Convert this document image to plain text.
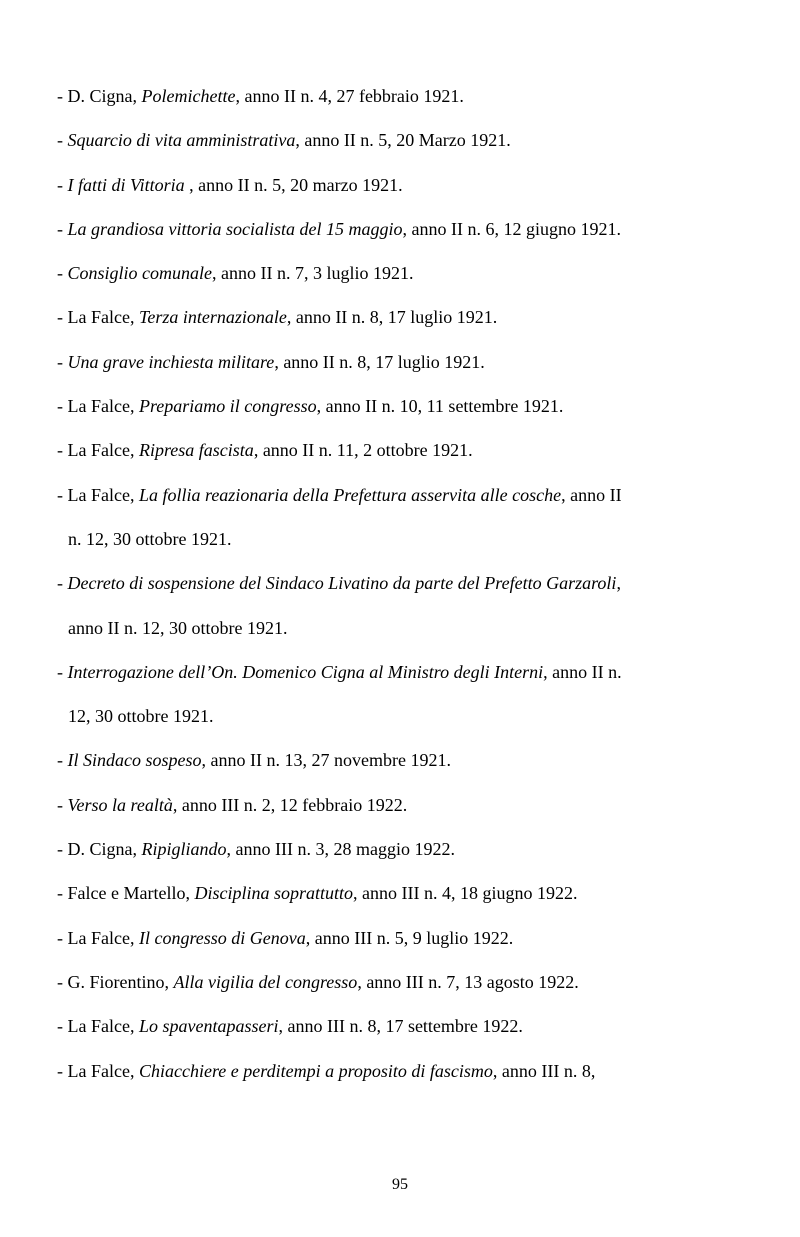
- D. Cigna, Polemichette, anno II n. 4, 27 febbraio 1921.
- Squarcio di vita amministrativa, anno II n. 5, 20 Marzo 1921.
- I fatti di Vittoria , anno II n. 5, 20 marzo 1921.
- La grandiosa vittoria socialista del 15 maggio, anno II n. 6, 12 giugno 1921.
- Consiglio comunale, anno II n. 7, 3 luglio 1921.
- La Falce, Terza internazionale, anno II n. 8, 17 luglio 1921.
- Una grave inchiesta militare, anno II n. 8, 17 luglio 1921.
- La Falce, Prepariamo il congresso, anno II n. 10, 11 settembre 1921.
- La Falce, Ripresa fascista, anno II n. 11, 2 ottobre 1921.
- La Falce, La follia reazionaria della Prefettura asservita alle cosche, anno II
n. 12, 30 ottobre 1921.
- Decreto di sospensione del Sindaco Livatino da parte del Prefetto Garzaroli,
anno II n. 12, 30 ottobre 1921.
- Interrogazione dell’On. Domenico Cigna al Ministro degli Interni, anno II n.
12, 30 ottobre 1921.
- Il Sindaco sospeso, anno II n. 13, 27 novembre 1921.
- Verso la realtà, anno III n. 2, 12 febbraio 1922.
- D. Cigna, Ripigliando, anno III n. 3, 28 maggio 1922.
- Falce e Martello, Disciplina soprattutto, anno III n. 4, 18 giugno 1922.
- La Falce, Il congresso di Genova, anno III n. 5, 9 luglio 1922.
- G. Fiorentino, Alla vigilia del congresso, anno III n. 7, 13 agosto 1922.
- La Falce, Lo spaventapasseri, anno III n. 8, 17 settembre 1922.
- La Falce, Chiacchiere e perditempi a proposito di fascismo, anno III n. 8,
95
